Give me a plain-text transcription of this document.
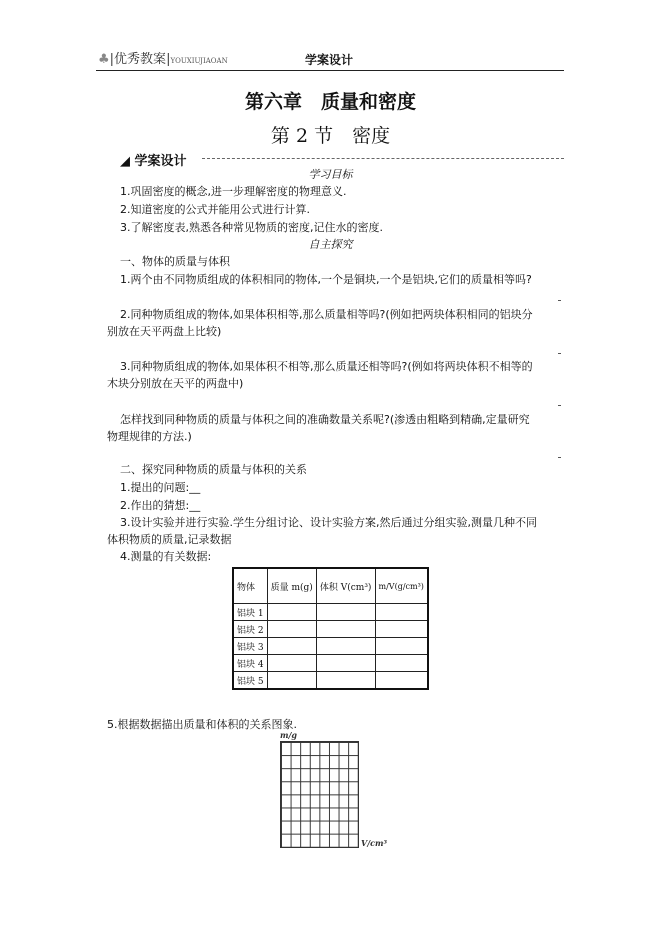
♣|优秀教案|YOUXIUJIAOAN	学案设计
第六章　质量和密度
第 2 节　密度
◢ 学案设计
学习目标
1.巩固密度的概念,进一步理解密度的物理意义.
2.知道密度的公式并能用公式进行计算.
3.了解密度表,熟悉各种常见物质的密度,记住水的密度.
自主探究
一、物体的质量与体积
1.两个由不同物质组成的体积相同的物体,一个是铜块,一个是铝块,它们的质量相等吗?
2.同种物质组成的物体,如果体积相等,那么质量相等吗?(例如把两块体积相同的铝块分
别放在天平两盘上比较)
3.同种物质组成的物体,如果体积不相等,那么质量还相等吗?(例如将两块体积不相等的
木块分别放在天平的两盘中)
怎样找到同种物质的质量与体积之间的准确数量关系呢?(渗透由粗略到精确,定量研究
物理规律的方法.)
二、探究同种物质的质量与体积的关系
1.提出的问题:__
2.作出的猜想:__
3.设计实验并进行实验.学生分组讨论、设计实验方案,然后通过分组实验,测量几种不同
体积物质的质量,记录数据
4.测量的有关数据:
物体	质量 m(g)	体积 V(cm³)	m/V(g/cm³)
铝块 1			
铝块 2			
铝块 3			
铝块 4			
铝块 5			
5.根据数据描出质量和体积的关系图象.
m/g
V/cm³
